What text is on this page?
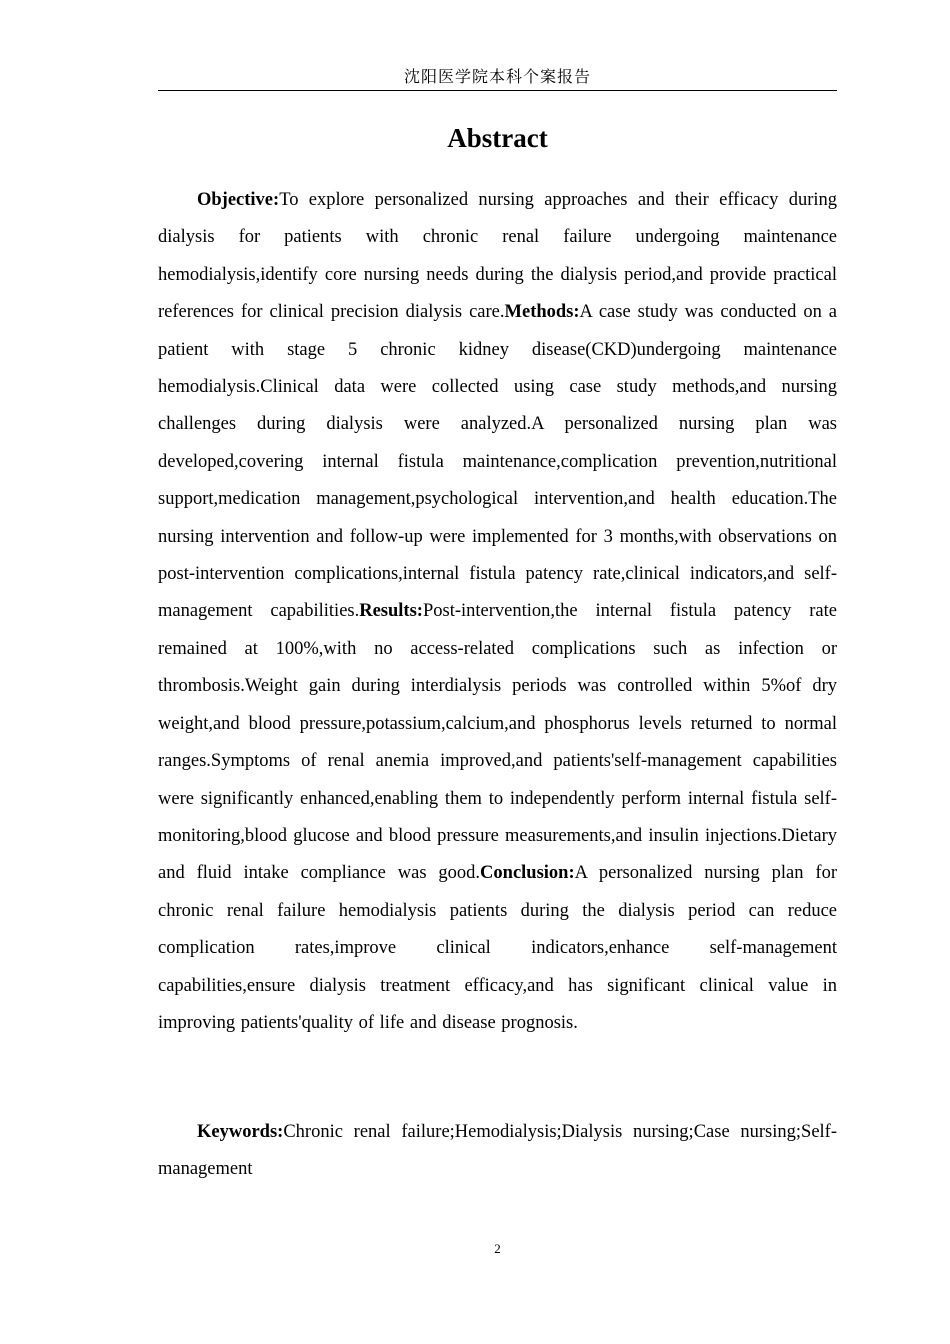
沈阳医学院本科个案报告
Abstract

Objective:To explore personalized nursing approaches and their efficacy during dialysis for patients with chronic renal failure undergoing maintenance hemodialysis,identify core nursing needs during the dialysis period,and provide practical references for clinical precision dialysis care.Methods:A case study was conducted on a patient with stage 5 chronic kidney disease(CKD)undergoing maintenance hemodialysis.Clinical data were collected using case study methods,and nursing challenges during dialysis were analyzed.A personalized nursing plan was developed,covering internal fistula maintenance,complication prevention,nutritional support,medication management,psychological intervention,and health education.The nursing intervention and follow-up were implemented for 3 months,with observations on post-intervention complications,internal fistula patency rate,clinical indicators,and self-management capabilities.Results:Post-intervention,the internal fistula patency rate remained at 100%,with no access-related complications such as infection or thrombosis.Weight gain during interdialysis periods was controlled within 5%of dry weight,and blood pressure,potassium,calcium,and phosphorus levels returned to normal ranges.Symptoms of renal anemia improved,and patients'self-management capabilities were significantly enhanced,enabling them to independently perform internal fistula self-monitoring,blood glucose and blood pressure measurements,and insulin injections.Dietary and fluid intake compliance was good.Conclusion:A personalized nursing plan for chronic renal failure hemodialysis patients during the dialysis period can reduce complication rates,improve clinical indicators,enhance self-management capabilities,ensure dialysis treatment efficacy,and has significant clinical value in improving patients'quality of life and disease prognosis.

Keywords:Chronic renal failure;Hemodialysis;Dialysis nursing;Case nursing;Self-management

2
